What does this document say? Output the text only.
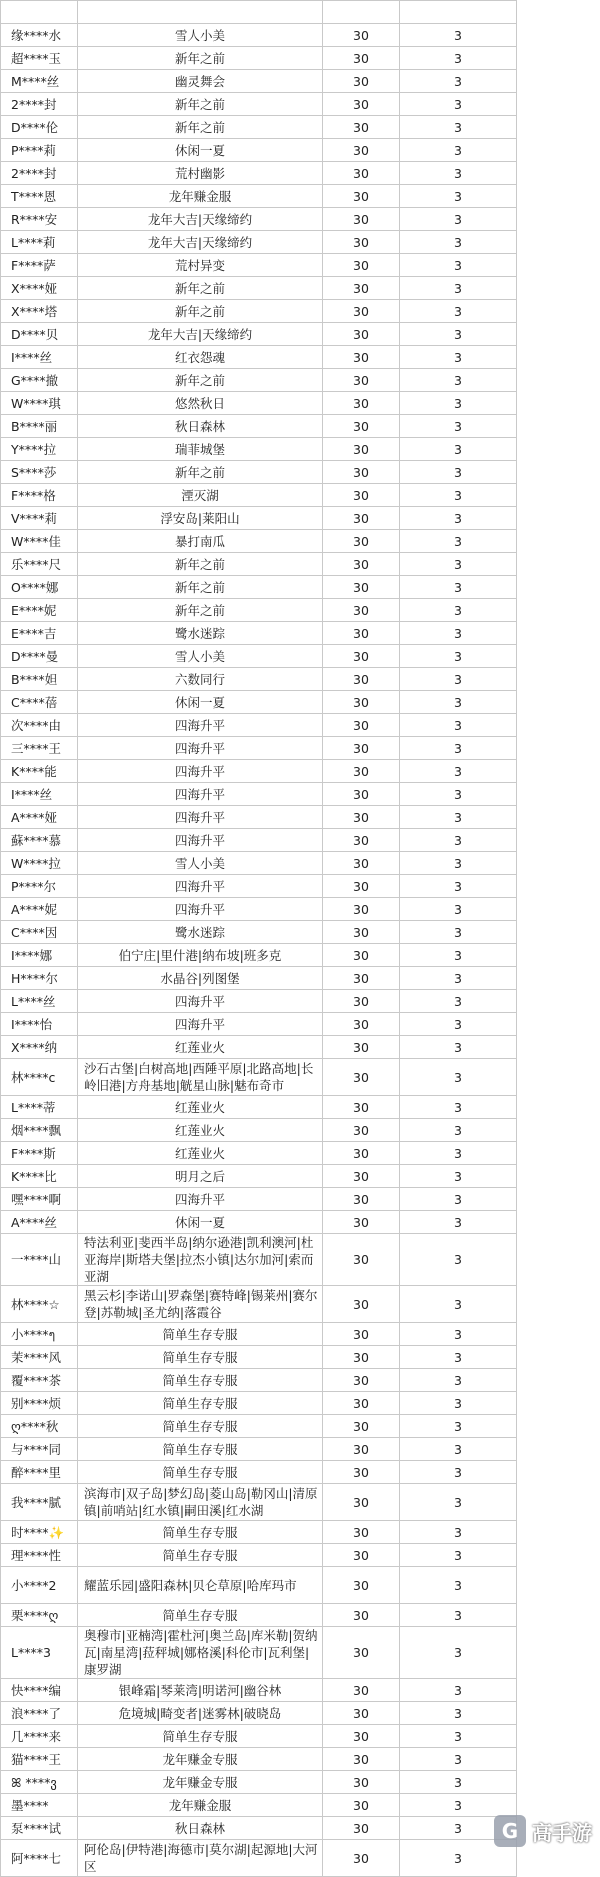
缘****水	雪人小美	30	3
超****玉	新年之前	30	3
M****丝	幽灵舞会	30	3
2****封	新年之前	30	3
D****伦	新年之前	30	3
P****莉	休闲一夏	30	3
2****封	荒村幽影	30	3
T****恩	龙年赚金服	30	3
R****安	龙年大吉|天缘缔约	30	3
L****莉	龙年大吉|天缘缔约	30	3
F****萨	荒村异变	30	3
X****娅	新年之前	30	3
X****塔	新年之前	30	3
D****贝	龙年大吉|天缘缔约	30	3
I****丝	红衣怨魂	30	3
G****撤	新年之前	30	3
W****琪	悠然秋日	30	3
B****丽	秋日森林	30	3
Y****拉	瑞菲城堡	30	3
S****莎	新年之前	30	3
F****格	湮灭湖	30	3
V****莉	浮安岛|莱阳山	30	3
W****佳	暴打南瓜	30	3
乐****尺	新年之前	30	3
O****娜	新年之前	30	3
E****妮	新年之前	30	3
E****吉	鹭水迷踪	30	3
D****曼	雪人小美	30	3
B****妲	六数同行	30	3
C****蓓	休闲一夏	30	3
次****由	四海升平	30	3
三****王	四海升平	30	3
K****能	四海升平	30	3
I****丝	四海升平	30	3
A****娅	四海升平	30	3
蘇****慕	四海升平	30	3
W****拉	雪人小美	30	3
P****尔	四海升平	30	3
A****妮	四海升平	30	3
C****因	鹭水迷踪	30	3
I****娜	伯宁庄|里什港|纳布坡|班多克	30	3
H****尔	水晶谷|列图堡	30	3
L****丝	四海升平	30	3
I****怡	四海升平	30	3
X****纳	红莲业火	30	3
林****c	沙石古堡|白树高地|西陲平原|北路高地|长岭旧港|方舟基地|觥星山脉|魅布奇市	30	3
L****蒂	红莲业火	30	3
烟****飘	红莲业火	30	3
F****斯	红莲业火	30	3
K****比	明月之后	30	3
嘿****啊	四海升平	30	3
A****丝	休闲一夏	30	3
一****山	特法利亚|斐西半岛|纳尔逊港|凯利澳河|杜亚海岸|斯塔夫堡|拉杰小镇|达尔加河|索而亚湖	30	3
林****☆	黑云杉|李诺山|罗森堡|赛特峰|锡莱州|赛尔登|苏勒城|圣尤纳|落霞谷	30	3
小****ๆ	简单生存专服	30	3
茉****风	简单生存专服	30	3
覆****茶	简单生存专服	30	3
别****烦	简单生存专服	30	3
ღ****秋	简单生存专服	30	3
与****同	简单生存专服	30	3
醉****里	简单生存专服	30	3
我****腻	滨海市|双子岛|梦幻岛|菱山岛|勒冈山|清原镇|前哨站|红水镇|嗣田溪|红水湖	30	3
时****✨	简单生存专服	30	3
理****性	简单生存专服	30	3
小****2	耀蓝乐园|盛阳森林|贝仑草原|哈库玛市	30	3
栗****ღ	简单生存专服	30	3
L****3	奥穆市|亚楠湾|霍杜河|奥兰岛|库米勒|贺纳瓦|南星湾|菈秤城|娜格溪|科伦市|瓦利堡|康罗湖	30	3
快****编	银峰霜|琴莱湾|明诺河|幽谷林	30	3
浪****了	危境城|畸变者|迷雾林|破晓岛	30	3
几****来	简单生存专服	30	3
猫****王	龙年赚金专服	30	3
ꕤ ****ვ	龙年赚金专服	30	3
墨****	龙年赚金服	30	3
泵****试	秋日森林	30	3
阿****七	阿伦岛|伊特港|海德市|莫尔湖|起源地|大河区	30	3
G 高手游
